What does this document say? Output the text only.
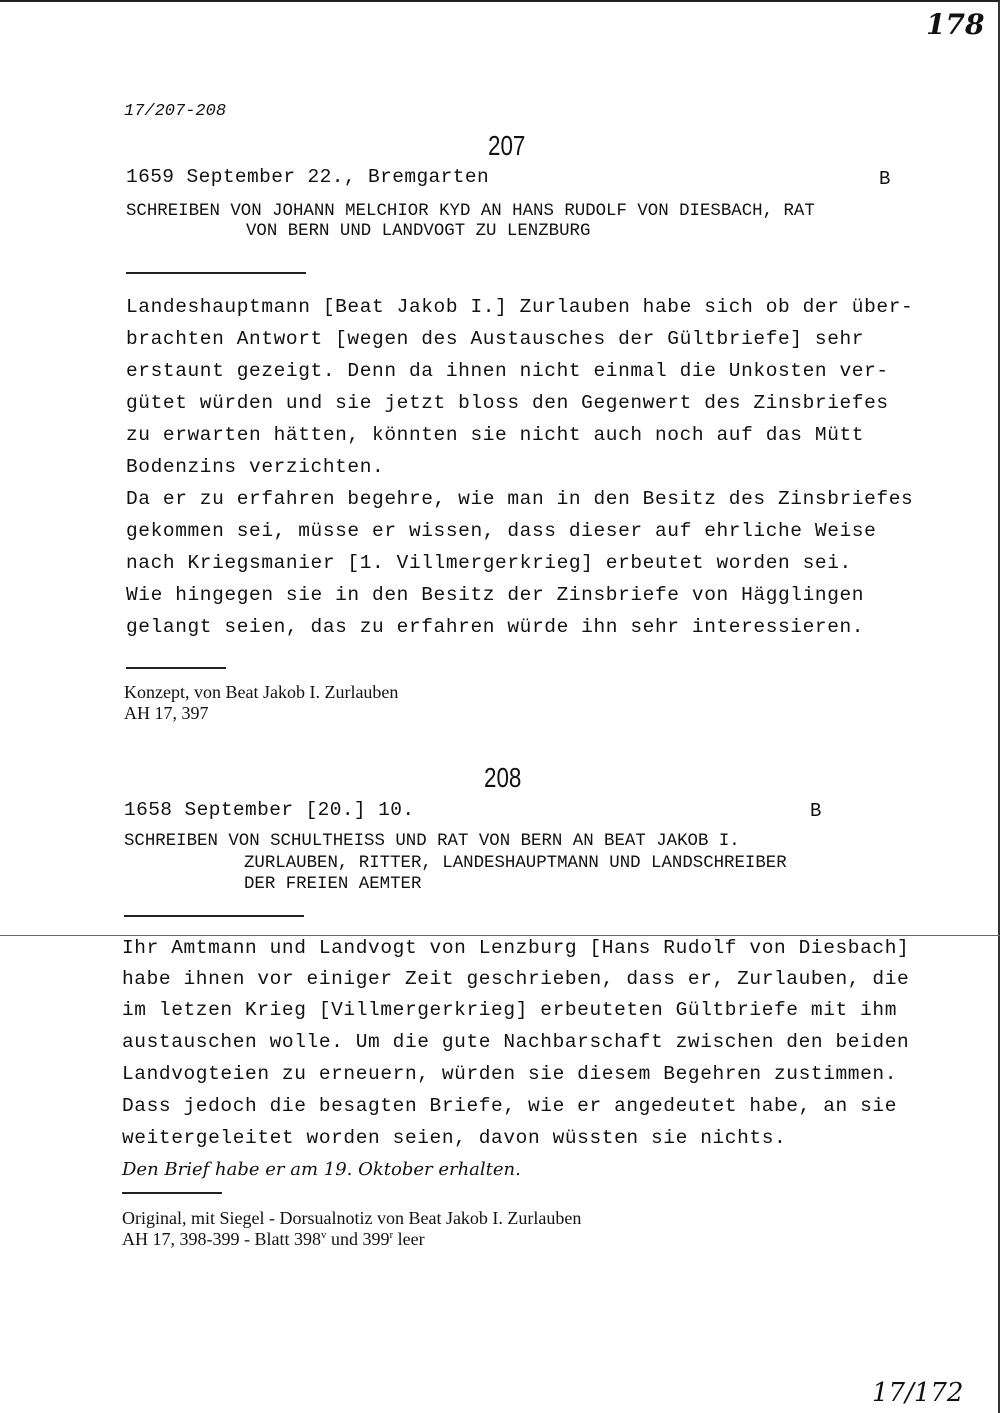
178
17/172
17/207-208
207
1659 September 22., Bremgarten	B
SCHREIBEN VON JOHANN MELCHIOR KYD AN HANS RUDOLF VON DIESBACH, RAT
VON BERN UND LANDVOGT ZU LENZBURG
Landeshauptmann [Beat Jakob I.] Zurlauben habe sich ob der über-
brachten Antwort [wegen des Austausches der Gültbriefe] sehr
erstaunt gezeigt. Denn da ihnen nicht einmal die Unkosten ver-
gütet würden und sie jetzt bloss den Gegenwert des Zinsbriefes
zu erwarten hätten, könnten sie nicht auch noch auf das Mütt
Bodenzins verzichten.
Da er zu erfahren begehre, wie man in den Besitz des Zinsbriefes
gekommen sei, müsse er wissen, dass dieser auf ehrliche Weise
nach Kriegsmanier [1. Villmergerkrieg] erbeutet worden sei.
Wie hingegen sie in den Besitz der Zinsbriefe von Hägglingen
gelangt seien, das zu erfahren würde ihn sehr interessieren.
Konzept, von Beat Jakob I. Zurlauben
AH 17, 397
208
1658 September [20.] 10.	B
SCHREIBEN VON SCHULTHEISS UND RAT VON BERN AN BEAT JAKOB I.
ZURLAUBEN, RITTER, LANDESHAUPTMANN UND LANDSCHREIBER
DER FREIEN AEMTER
Ihr Amtmann und Landvogt von Lenzburg [Hans Rudolf von Diesbach]
habe ihnen vor einiger Zeit geschrieben, dass er, Zurlauben, die
im letzen Krieg [Villmergerkrieg] erbeuteten Gültbriefe mit ihm
austauschen wolle. Um die gute Nachbarschaft zwischen den beiden
Landvogteien zu erneuern, würden sie diesem Begehren zustimmen.
Dass jedoch die besagten Briefe, wie er angedeutet habe, an sie
weitergeleitet worden seien, davon wüssten sie nichts.
Den Brief habe er am 19. Oktober erhalten.
Original, mit Siegel - Dorsualnotiz von Beat Jakob I. Zurlauben
AH 17, 398-399 - Blatt 398$^v$ und 399$^r$ leer
